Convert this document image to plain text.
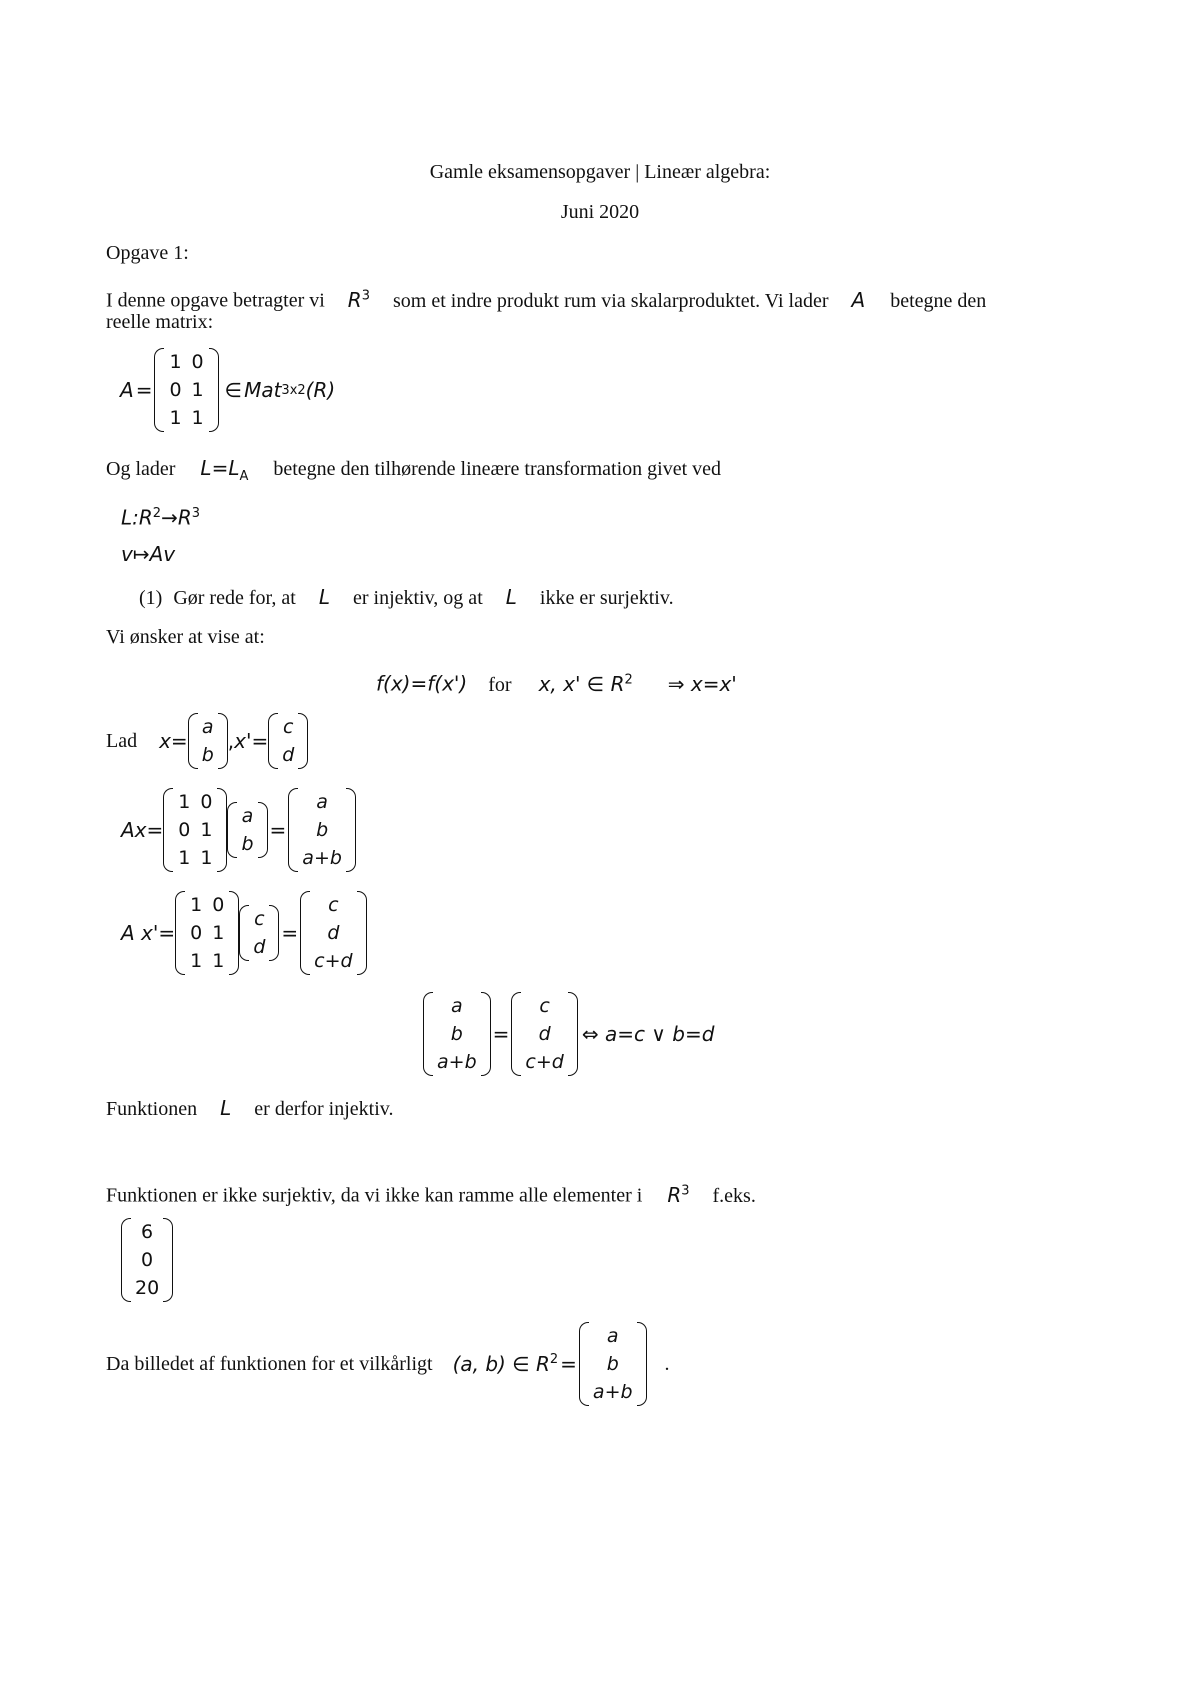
Gamle eksamensopgaver | Lineær algebra:
Juni 2020
Opgave 1:
I denne opgave betragter vi $R^3$ som et indre produkt rum via skalarproduktet. Vi lader A betegne den
reelle matrix:
A =
1	0
0	1
1	1
∈ Mat 3x2 (R)
Og lader $L=L_A$ betegne den tilhørende lineære transformation givet ved
$L:R^2\to R^3$
v↦Av
(1) Gør rede for, at L er injektiv, og at L ikke er surjektiv.
Vi ønsker at vise at:
f(x)=f(x') for x, x' ∈ $R^2$ ⇒ x=x'
Lad x=
a
b
, x'=
c
d
Ax=
1	0
0	1
1	1
a
b
=
a
b
a+b
A x'=
1	0
0	1
1	1
c
d
=
c
d
c+d
a
b
a+b
=
c
d
c+d
⇔ a=c ∨ b=d
Funktionen L er derfor injektiv.
Funktionen er ikke surjektiv, da vi ikke kan ramme alle elementer i $R^3$ f.eks.
6
0
20
Da billedet af funktionen for et vilkårligt (a, b) ∈ $R^2$ =
a
b
a+b
.
